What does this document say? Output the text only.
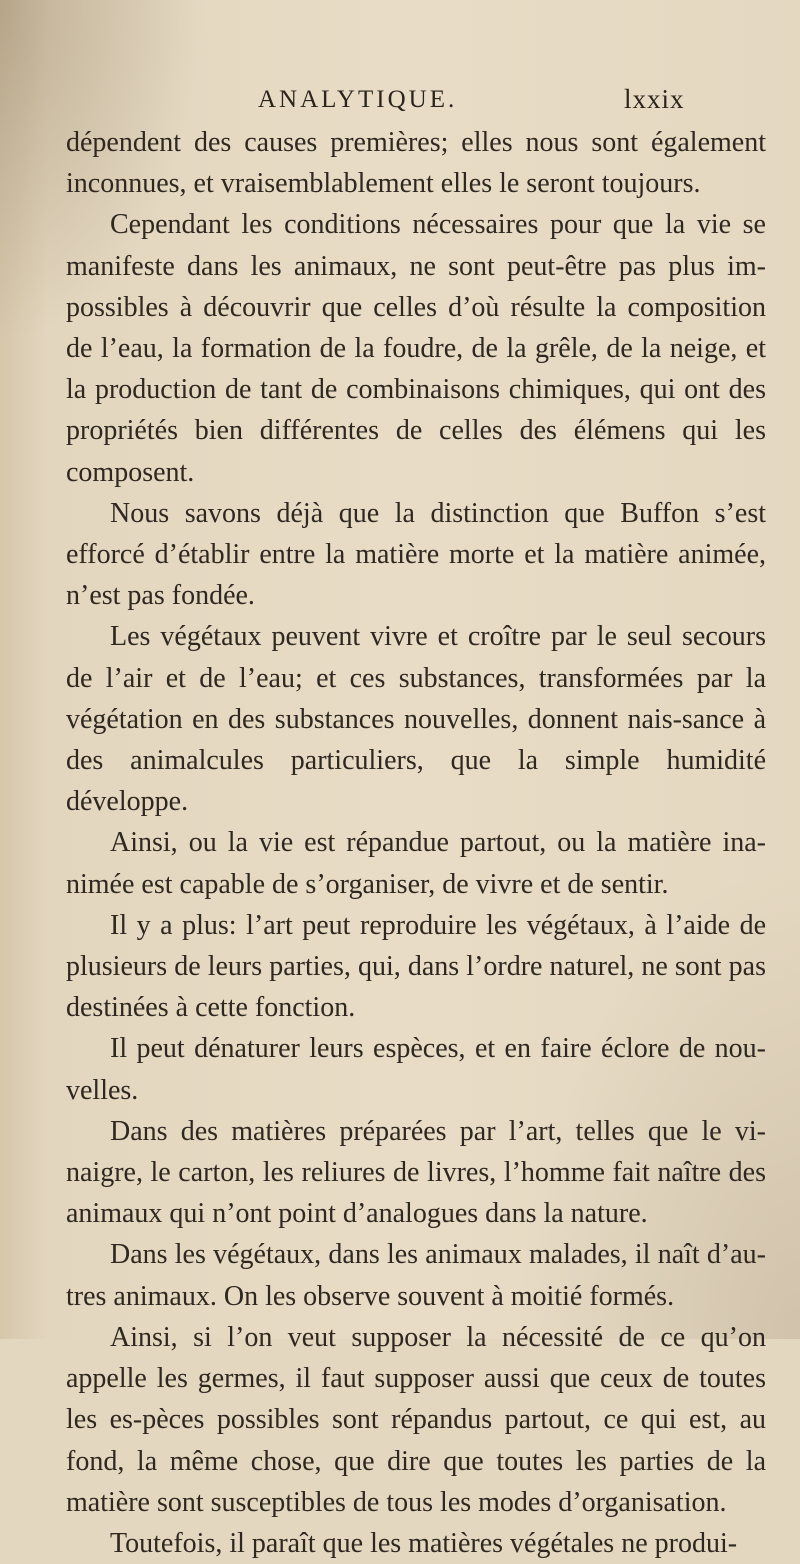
ANALYTIQUE.	lxxix

dépendent des causes premières; elles nous sont également inconnues, et vraisemblablement elles le seront toujours.

Cependant les conditions nécessaires pour que la vie se manifeste dans les animaux, ne sont peut-être pas plus im-possibles à découvrir que celles d’où résulte la composition de l’eau, la formation de la foudre, de la grêle, de la neige, et la production de tant de combinaisons chimiques, qui ont des propriétés bien différentes de celles des élémens qui les composent.

Nous savons déjà que la distinction que Buffon s’est efforcé d’établir entre la matière morte et la matière animée, n’est pas fondée.

Les végétaux peuvent vivre et croître par le seul secours de l’air et de l’eau; et ces substances, transformées par la végétation en des substances nouvelles, donnent nais-sance à des animalcules particuliers, que la simple humidité développe.

Ainsi, ou la vie est répandue partout, ou la matière ina-nimée est capable de s’organiser, de vivre et de sentir.

Il y a plus: l’art peut reproduire les végétaux, à l’aide de plusieurs de leurs parties, qui, dans l’ordre naturel, ne sont pas destinées à cette fonction.

Il peut dénaturer leurs espèces, et en faire éclore de nou-velles.

Dans des matières préparées par l’art, telles que le vi-naigre, le carton, les reliures de livres, l’homme fait naître des animaux qui n’ont point d’analogues dans la nature.

Dans les végétaux, dans les animaux malades, il naît d’au-tres animaux. On les observe souvent à moitié formés.

Ainsi, si l’on veut supposer la nécessité de ce qu’on appelle les germes, il faut supposer aussi que ceux de toutes les es-pèces possibles sont répandus partout, ce qui est, au fond, la même chose, que dire que toutes les parties de la matière sont susceptibles de tous les modes d’organisation.

Toutefois, il paraît que les matières végétales ne produi-
